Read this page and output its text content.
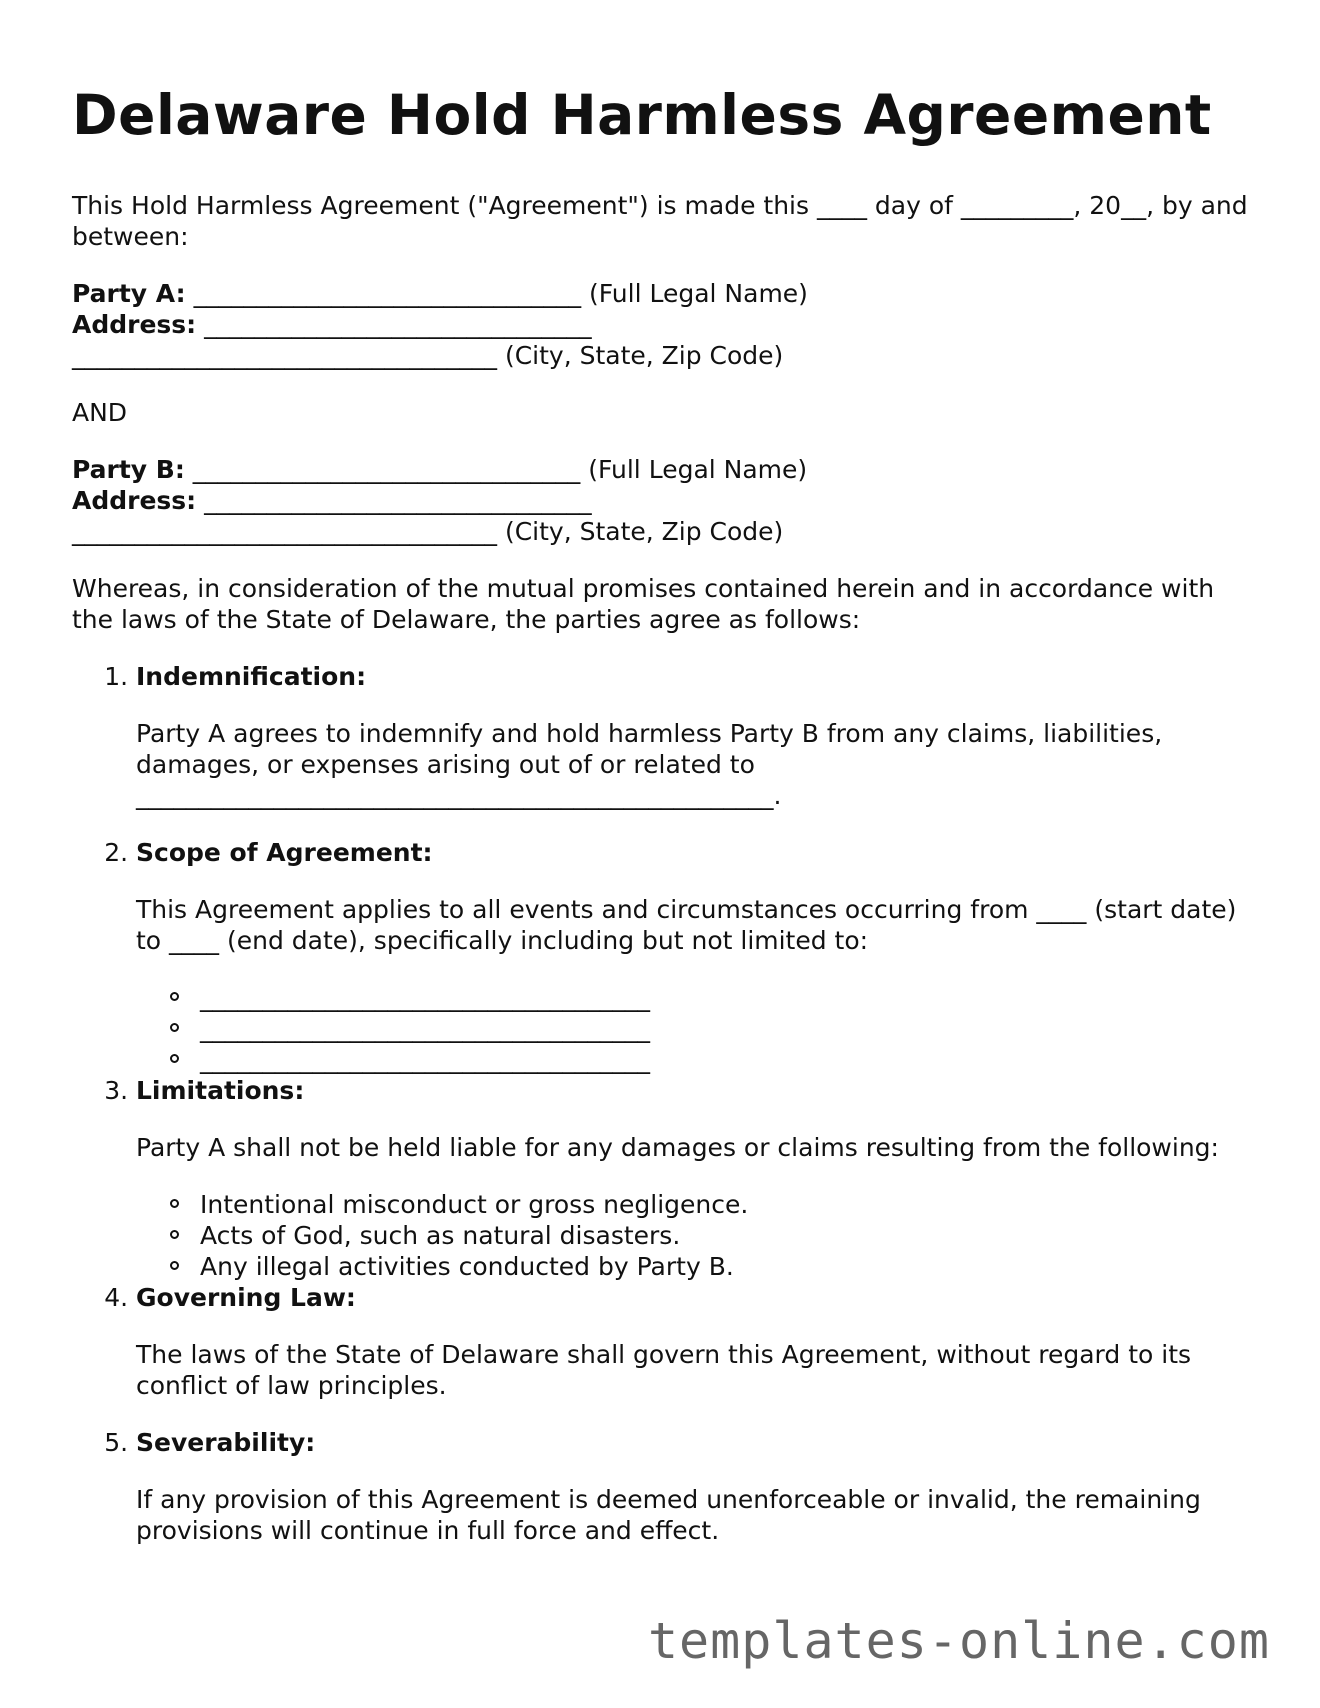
Delaware Hold Harmless Agreement

This Hold Harmless Agreement ("Agreement") is made this ____ day of _________, 20__, by and between:

Party A: _______________________________ (Full Legal Name)
Address: _______________________________
__________________________________ (City, State, Zip Code)

AND

Party B: _______________________________ (Full Legal Name)
Address: _______________________________
__________________________________ (City, State, Zip Code)

Whereas, in consideration of the mutual promises contained herein and in accordance with the laws of the State of Delaware, the parties agree as follows:

1. Indemnification:
Party A agrees to indemnify and hold harmless Party B from any claims, liabilities, damages, or expenses arising out of or related to ___________________________________________________.
2. Scope of Agreement:
This Agreement applies to all events and circumstances occurring from ____ (start date) to ____ (end date), specifically including but not limited to:
____________________________________
____________________________________
____________________________________
3. Limitations:
Party A shall not be held liable for any damages or claims resulting from the following:
Intentional misconduct or gross negligence.
Acts of God, such as natural disasters.
Any illegal activities conducted by Party B.
4. Governing Law:
The laws of the State of Delaware shall govern this Agreement, without regard to its conflict of law principles.
5. Severability:
If any provision of this Agreement is deemed unenforceable or invalid, the remaining provisions will continue in full force and effect.
templates-online.com
